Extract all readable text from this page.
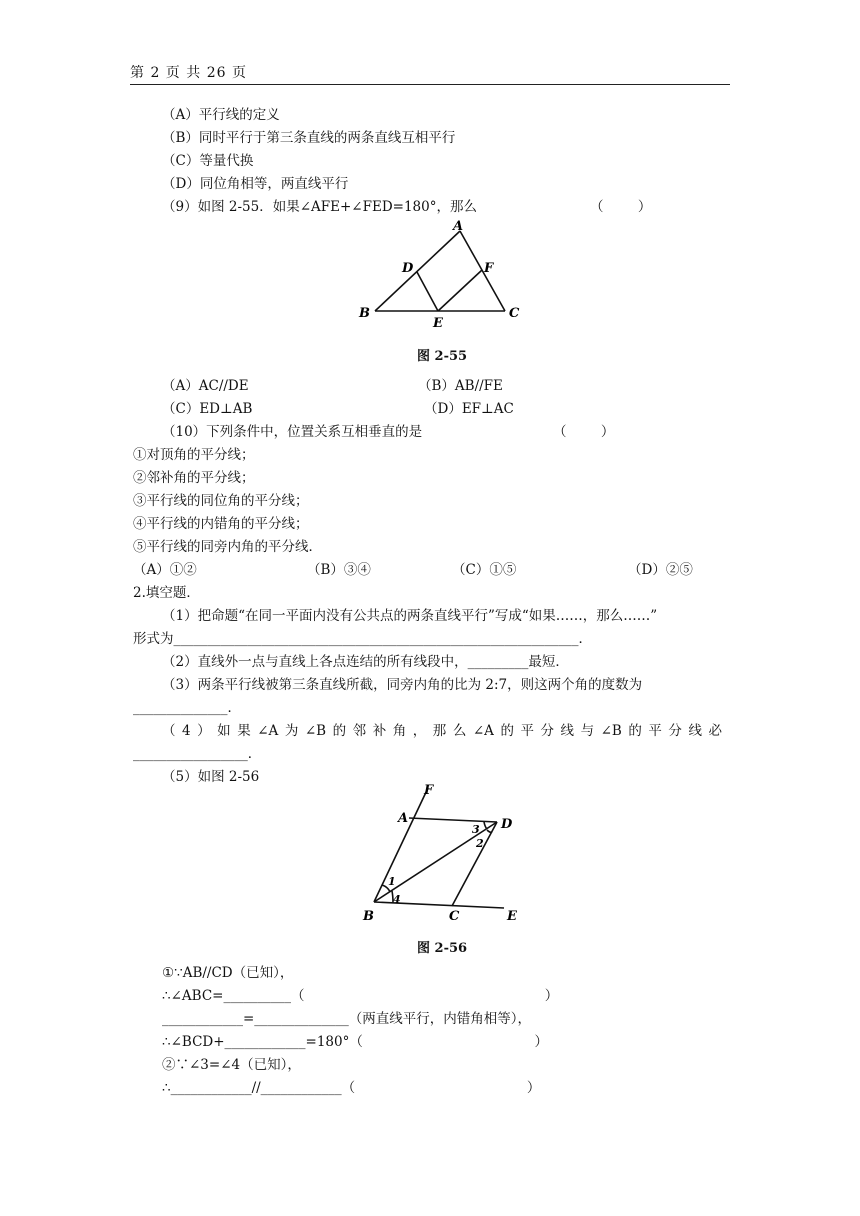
第 2 页 共 26 页
（A）平行线的定义
（B）同时平行于第三条直线的两条直线互相平行
（C）等量代换
（D）同位角相等，两直线平行
（9）如图 2-55．如果∠AFE+∠FED=180°，那么	（        ）
A
B	C
D
E
F
图 2-55
（A）AC//DE	（B）AB//FE
（C）ED⊥AB	（D）EF⊥AC
（10）下列条件中，位置关系互相垂直的是	（        ）
①对顶角的平分线；
②邻补角的平分线；
③平行线的同位角的平分线；
④平行线的内错角的平分线；
⑤平行线的同旁内角的平分线．
（A）①②	（B）③④	（C）①⑤	（D）②⑤
2.填空题．
（1）把命题“在同一平面内没有公共点的两条直线平行”写成“如果……，那么……”
形式为____________________________________________________________．
（2）直线外一点与直线上各点连结的所有线段中，_________最短．
（3）两条平行线被第三条直线所截，同旁内角的比为 2:7，则这两个角的度数为
______________．
（4）如果∠A为∠B的邻补角，那么∠A的平分线与∠B的平分线必
_________________．
（5）如图 2-56
F
A	D
B	C	E
1
4
3
2
图 2-56
①∵AB//CD（已知），
∴∠ABC=__________（                                                        ）
____________=______________（两直线平行，内错角相等），
∴∠BCD+____________=180°（                                        ）
②∵∠3=∠4（已知），
∴____________//____________（                                        ）
